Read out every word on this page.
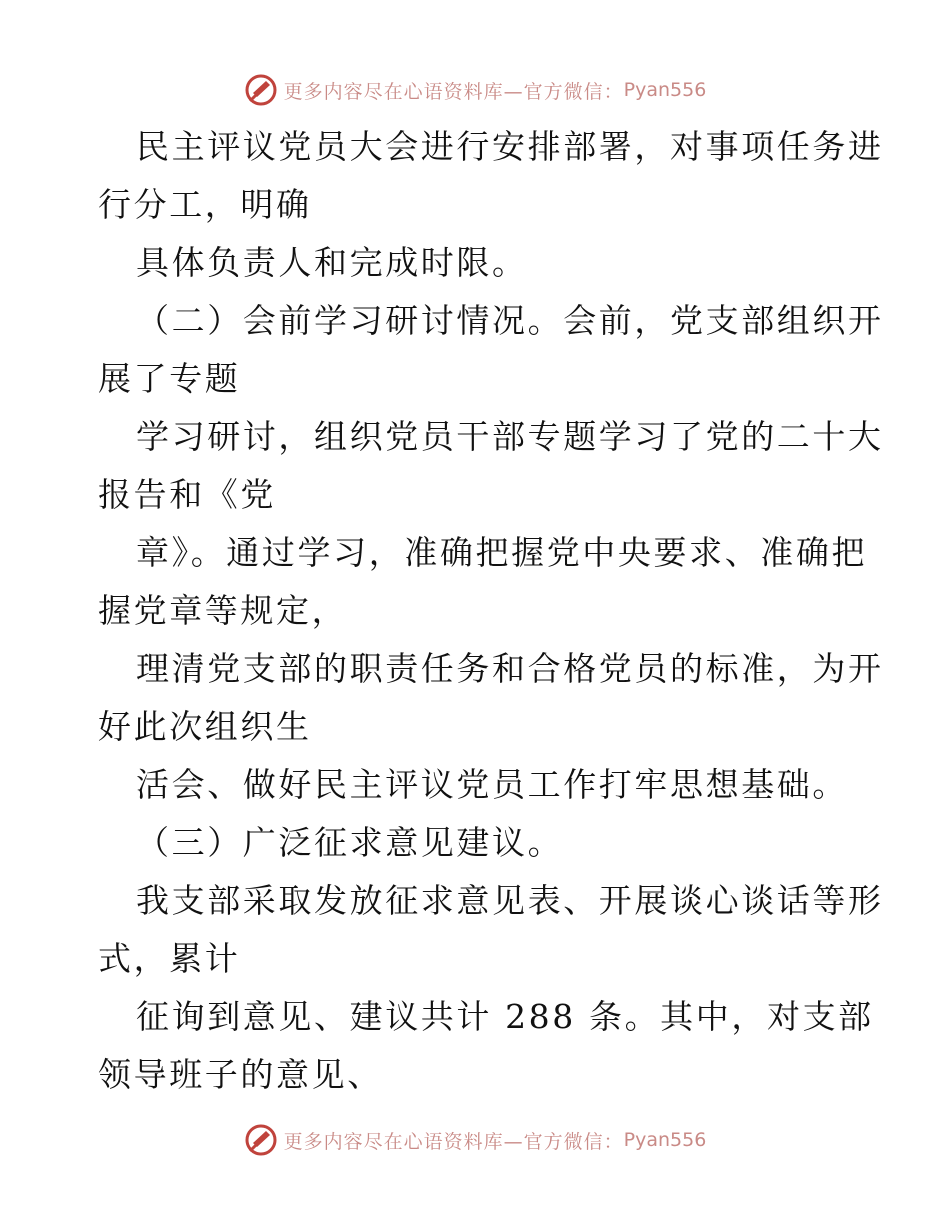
更多内容尽在心语资料库—官方微信： Pyan556

民主评议党员大会进行安排部署，对事项任务进

行分工，明确

具体负责人和完成时限。

（二）会前学习研讨情况。会前，党支部组织开

展了专题

学习研讨，组织党员干部专题学习了党的二十大

报告和《党

章》。通过学习，准确把握党中央要求、准确把

握党章等规定，

理清党支部的职责任务和合格党员的标准，为开

好此次组织生

活会、做好民主评议党员工作打牢思想基础。

（三）广泛征求意见建议。

我支部采取发放征求意见表、开展谈心谈话等形

式，累计

征询到意见、建议共计 288 条。其中，对支部

领导班子的意见、

更多内容尽在心语资料库—官方微信： Pyan556
